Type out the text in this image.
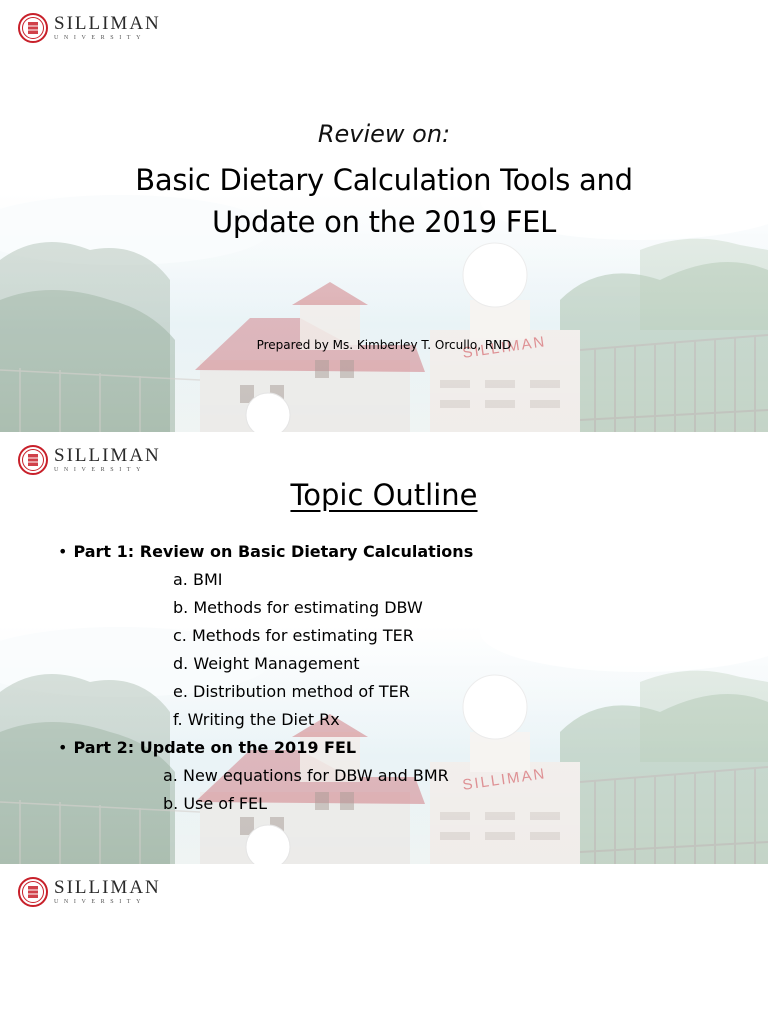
SILLIMAN
SILLIMAN
UNIVERSITY
Review on:
Basic Dietary Calculation Tools and
Update on the 2019 FEL
Prepared by Ms. Kimberley T. Orcullo, RND
SILLIMAN
SILLIMAN
UNIVERSITY
Topic Outline
• Part 1: Review on Basic Dietary Calculations
a. BMI
b. Methods for estimating DBW
c. Methods for estimating TER
d. Weight Management
e. Distribution method of TER
f. Writing the Diet Rx
• Part 2: Update on the 2019 FEL
a. New equations for DBW and BMR
b. Use of FEL
SILLIMAN
UNIVERSITY
